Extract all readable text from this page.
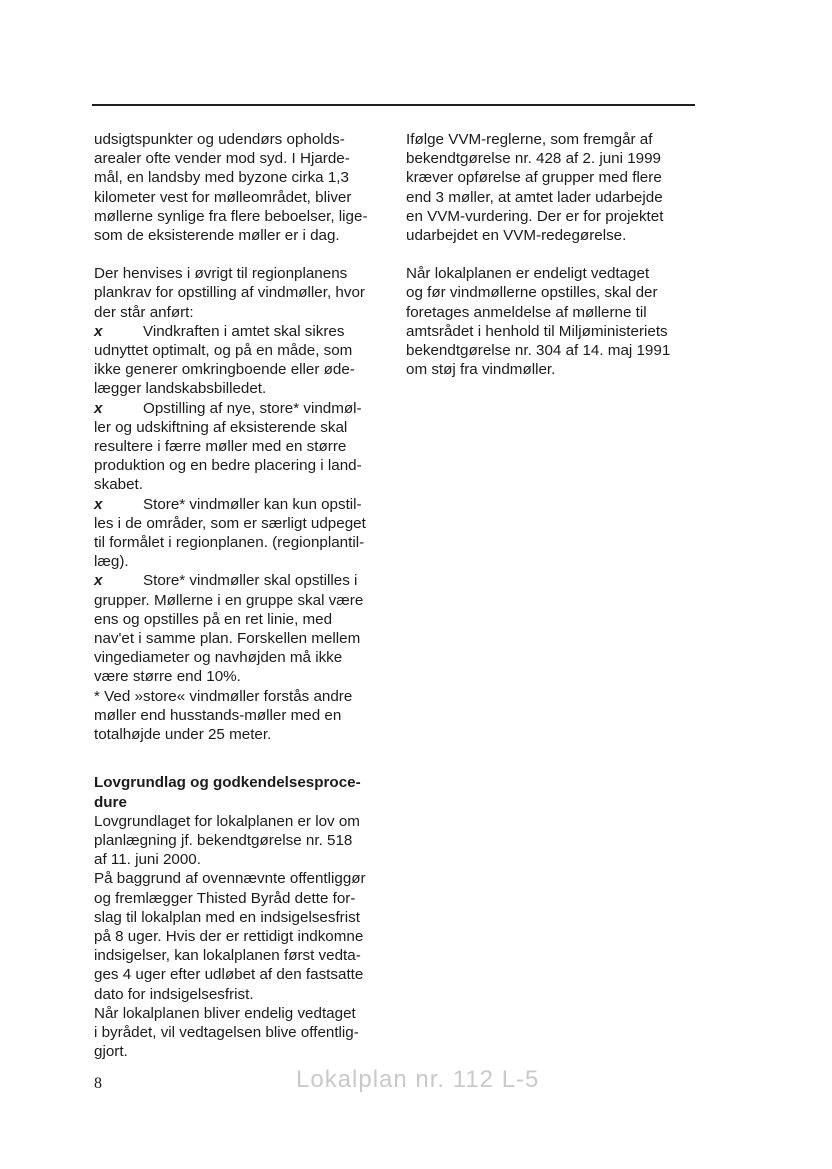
udsigtspunkter og udendørs opholds-
arealer ofte vender mod syd. I Hjarde-
mål, en landsby med byzone cirka 1,3
kilometer vest for mølleområdet, bliver
møllerne synlige fra flere beboelser, lige-
som de eksisterende møller er i dag.

Der henvises i øvrigt til regionplanens
plankrav for opstilling af vindmøller, hvor
der står anført:
x	Vindkraften i amtet skal sikres
udnyttet optimalt, og på en måde, som
ikke generer omkringboende eller øde-
lægger landskabsbilledet.
x	Opstilling af nye, store* vindmøl-
ler og udskiftning af eksisterende skal
resultere i færre møller med en større
produktion og en bedre placering i land-
skabet.
x	Store* vindmøller kan kun opstil-
les i de områder, som er særligt udpeget
til formålet i regionplanen. (regionplantil-
læg).
x	Store* vindmøller skal opstilles i
grupper. Møllerne i en gruppe skal være
ens og opstilles på en ret linie, med
nav'et i samme plan. Forskellen mellem
vingediameter og navhøjden må ikke
være større end 10%.
* Ved »store« vindmøller forstås andre
møller end husstands-møller med en
totalhøjde under 25 meter.

Lovgrundlag og godkendelsesproce-
dure

Lovgrundlaget for lokalplanen er lov om
planlægning jf. bekendtgørelse nr. 518
af 11. juni 2000.
På baggrund af ovennævnte offentliggør
og fremlægger Thisted Byråd dette for-
slag til lokalplan med en indsigelsesfrist
på 8 uger. Hvis der er rettidigt indkomne
indsigelser, kan lokalplanen først vedta-
ges 4 uger efter udløbet af den fastsatte
dato for indsigelsesfrist.
Når lokalplanen bliver endelig vedtaget
i byrådet, vil vedtagelsen blive offentlig-
gjort.

Ifølge VVM-reglerne, som fremgår af
bekendtgørelse nr. 428 af 2. juni 1999
kræver opførelse af grupper med flere
end 3 møller, at amtet lader udarbejde
en VVM-vurdering. Der er for projektet
udarbejdet en VVM-redegørelse.

Når lokalplanen er endeligt vedtaget
og før vindmøllerne opstilles, skal der
foretages anmeldelse af møllerne til
amtsrådet i henhold til Miljøministeriets
bekendtgørelse nr. 304 af 14. maj 1991
om støj fra vindmøller.

8	Lokalplan nr. 112 L-5
